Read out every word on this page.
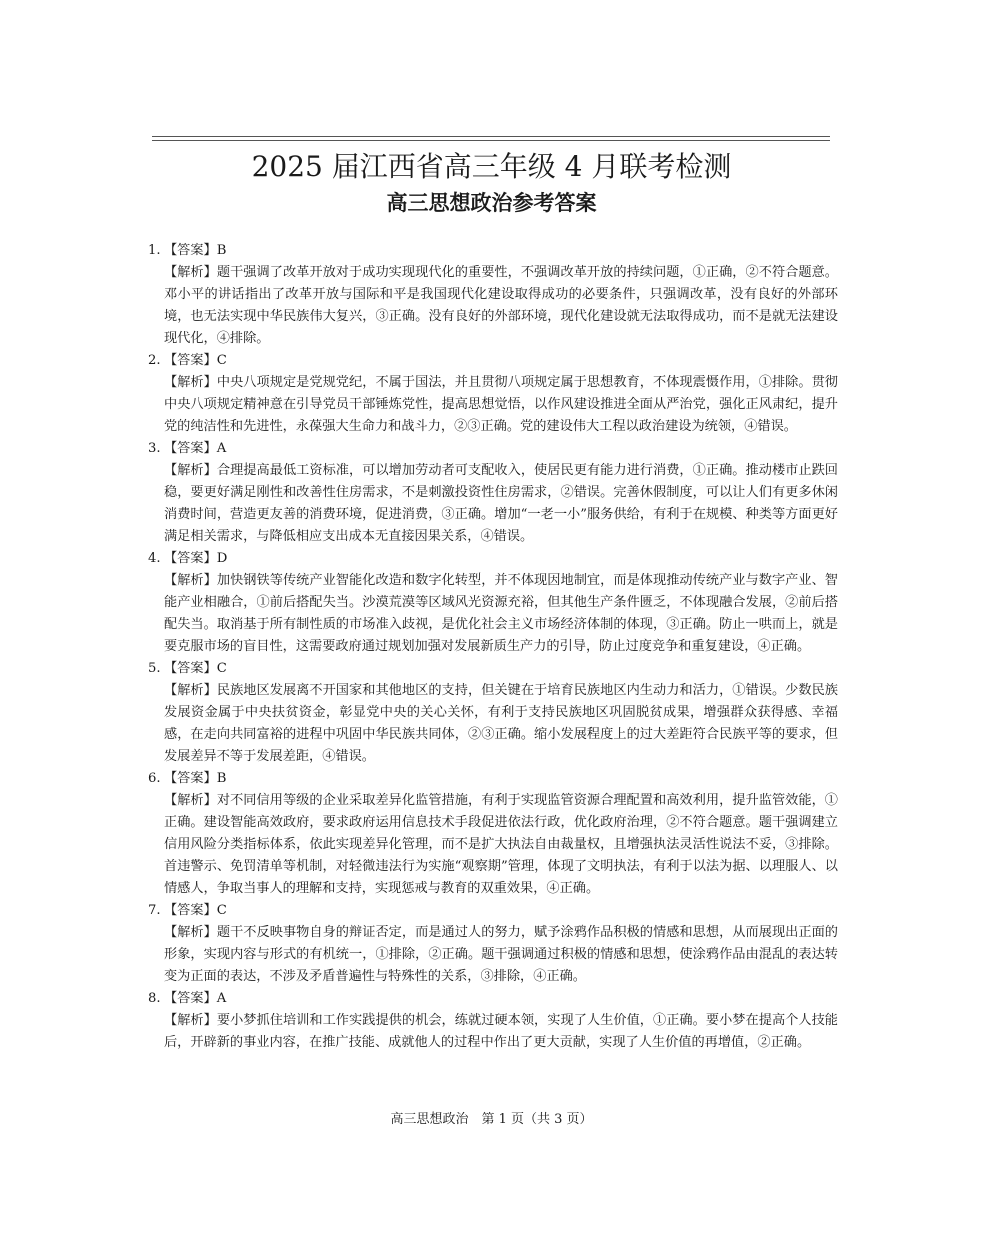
2025 届江西省高三年级 4 月联考检测
高三思想政治参考答案

1. 【答案】B

【解析】题干强调了改革开放对于成功实现现代化的重要性，不强调改革开放的持续问题，①正确，②不符合题意。邓小平的讲话指出了改革开放与国际和平是我国现代化建设取得成功的必要条件，只强调改革，没有良好的外部环境，也无法实现中华民族伟大复兴，③正确。没有良好的外部环境，现代化建设就无法取得成功，而不是就无法建设现代化，④排除。

2. 【答案】C

【解析】中央八项规定是党规党纪，不属于国法，并且贯彻八项规定属于思想教育，不体现震慑作用，①排除。贯彻中央八项规定精神意在引导党员干部锤炼党性，提高思想觉悟，以作风建设推进全面从严治党，强化正风肃纪，提升党的纯洁性和先进性，永葆强大生命力和战斗力，②③正确。党的建设伟大工程以政治建设为统领，④错误。

3. 【答案】A

【解析】合理提高最低工资标准，可以增加劳动者可支配收入，使居民更有能力进行消费，①正确。推动楼市止跌回稳，要更好满足刚性和改善性住房需求，不是刺激投资性住房需求，②错误。完善休假制度，可以让人们有更多休闲消费时间，营造更友善的消费环境，促进消费，③正确。增加“一老一小”服务供给，有利于在规模、种类等方面更好满足相关需求，与降低相应支出成本无直接因果关系，④错误。

4. 【答案】D

【解析】加快钢铁等传统产业智能化改造和数字化转型，并不体现因地制宜，而是体现推动传统产业与数字产业、智能产业相融合，①前后搭配失当。沙漠荒漠等区域风光资源充裕，但其他生产条件匮乏，不体现融合发展，②前后搭配失当。取消基于所有制性质的市场准入歧视，是优化社会主义市场经济体制的体现，③正确。防止一哄而上，就是要克服市场的盲目性，这需要政府通过规划加强对发展新质生产力的引导，防止过度竞争和重复建设，④正确。

5. 【答案】C

【解析】民族地区发展离不开国家和其他地区的支持，但关键在于培育民族地区内生动力和活力，①错误。少数民族发展资金属于中央扶贫资金，彰显党中央的关心关怀，有利于支持民族地区巩固脱贫成果，增强群众获得感、幸福感，在走向共同富裕的进程中巩固中华民族共同体，②③正确。缩小发展程度上的过大差距符合民族平等的要求，但发展差异不等于发展差距，④错误。

6. 【答案】B

【解析】对不同信用等级的企业采取差异化监管措施，有利于实现监管资源合理配置和高效利用，提升监管效能，①正确。建设智能高效政府，要求政府运用信息技术手段促进依法行政，优化政府治理，②不符合题意。题干强调建立信用风险分类指标体系，依此实现差异化管理，而不是扩大执法自由裁量权，且增强执法灵活性说法不妥，③排除。首违警示、免罚清单等机制，对轻微违法行为实施“观察期”管理，体现了文明执法，有利于以法为据、以理服人、以情感人，争取当事人的理解和支持，实现惩戒与教育的双重效果，④正确。

7. 【答案】C

【解析】题干不反映事物自身的辩证否定，而是通过人的努力，赋予涂鸦作品积极的情感和思想，从而展现出正面的形象，实现内容与形式的有机统一，①排除，②正确。题干强调通过积极的情感和思想，使涂鸦作品由混乱的表达转变为正面的表达，不涉及矛盾普遍性与特殊性的关系，③排除，④正确。

8. 【答案】A

【解析】要小梦抓住培训和工作实践提供的机会，练就过硬本领，实现了人生价值，①正确。要小梦在提高个人技能后，开辟新的事业内容，在推广技能、成就他人的过程中作出了更大贡献，实现了人生价值的再增值，②正确。

高三思想政治　第 1 页（共 3 页）
